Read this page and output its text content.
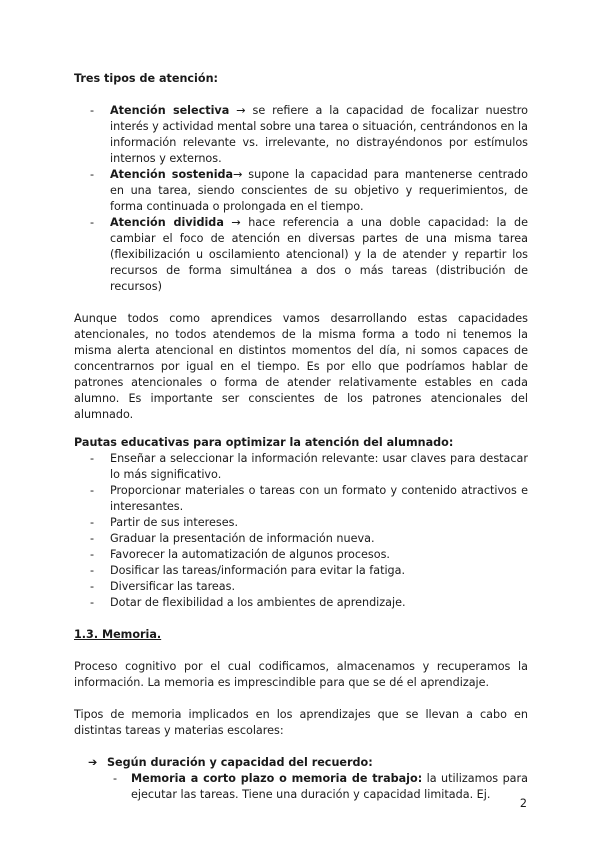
Tres tipos de atención:

- Atención selectiva → se refiere a la capacidad de focalizar nuestro interés y actividad mental sobre una tarea o situación, centrándonos en la información relevante vs. irrelevante, no distrayéndonos por estímulos internos y externos.
- Atención sostenida→ supone la capacidad para mantenerse centrado en una tarea, siendo conscientes de su objetivo y requerimientos, de forma continuada o prolongada en el tiempo.
- Atención dividida → hace referencia a una doble capacidad: la de cambiar el foco de atención en diversas partes de una misma tarea (flexibilización u oscilamiento atencional) y la de atender y repartir los recursos de forma simultánea a dos o más tareas (distribución de recursos)

Aunque todos como aprendices vamos desarrollando estas capacidades atencionales, no todos atendemos de la misma forma a todo ni tenemos la misma alerta atencional en distintos momentos del día, ni somos capaces de concentrarnos por igual en el tiempo. Es por ello que podríamos hablar de patrones atencionales o forma de atender relativamente estables en cada alumno. Es importante ser conscientes de los patrones atencionales del alumnado.

Pautas educativas para optimizar la atención del alumnado:

- Enseñar a seleccionar la información relevante: usar claves para destacar lo más significativo.
- Proporcionar materiales o tareas con un formato y contenido atractivos e interesantes.
- Partir de sus intereses.
- Graduar la presentación de información nueva.
- Favorecer la automatización de algunos procesos.
- Dosificar las tareas/información para evitar la fatiga.
- Diversificar las tareas.
- Dotar de flexibilidad a los ambientes de aprendizaje.

1.3. Memoria.

Proceso cognitivo por el cual codificamos, almacenamos y recuperamos la información. La memoria es imprescindible para que se dé el aprendizaje.

Tipos de memoria implicados en los aprendizajes que se llevan a cabo en distintas tareas y materias escolares:

➔ Según duración y capacidad del recuerdo:
- Memoria a corto plazo o memoria de trabajo: la utilizamos para ejecutar las tareas. Tiene una duración y capacidad limitada. Ej.
2
